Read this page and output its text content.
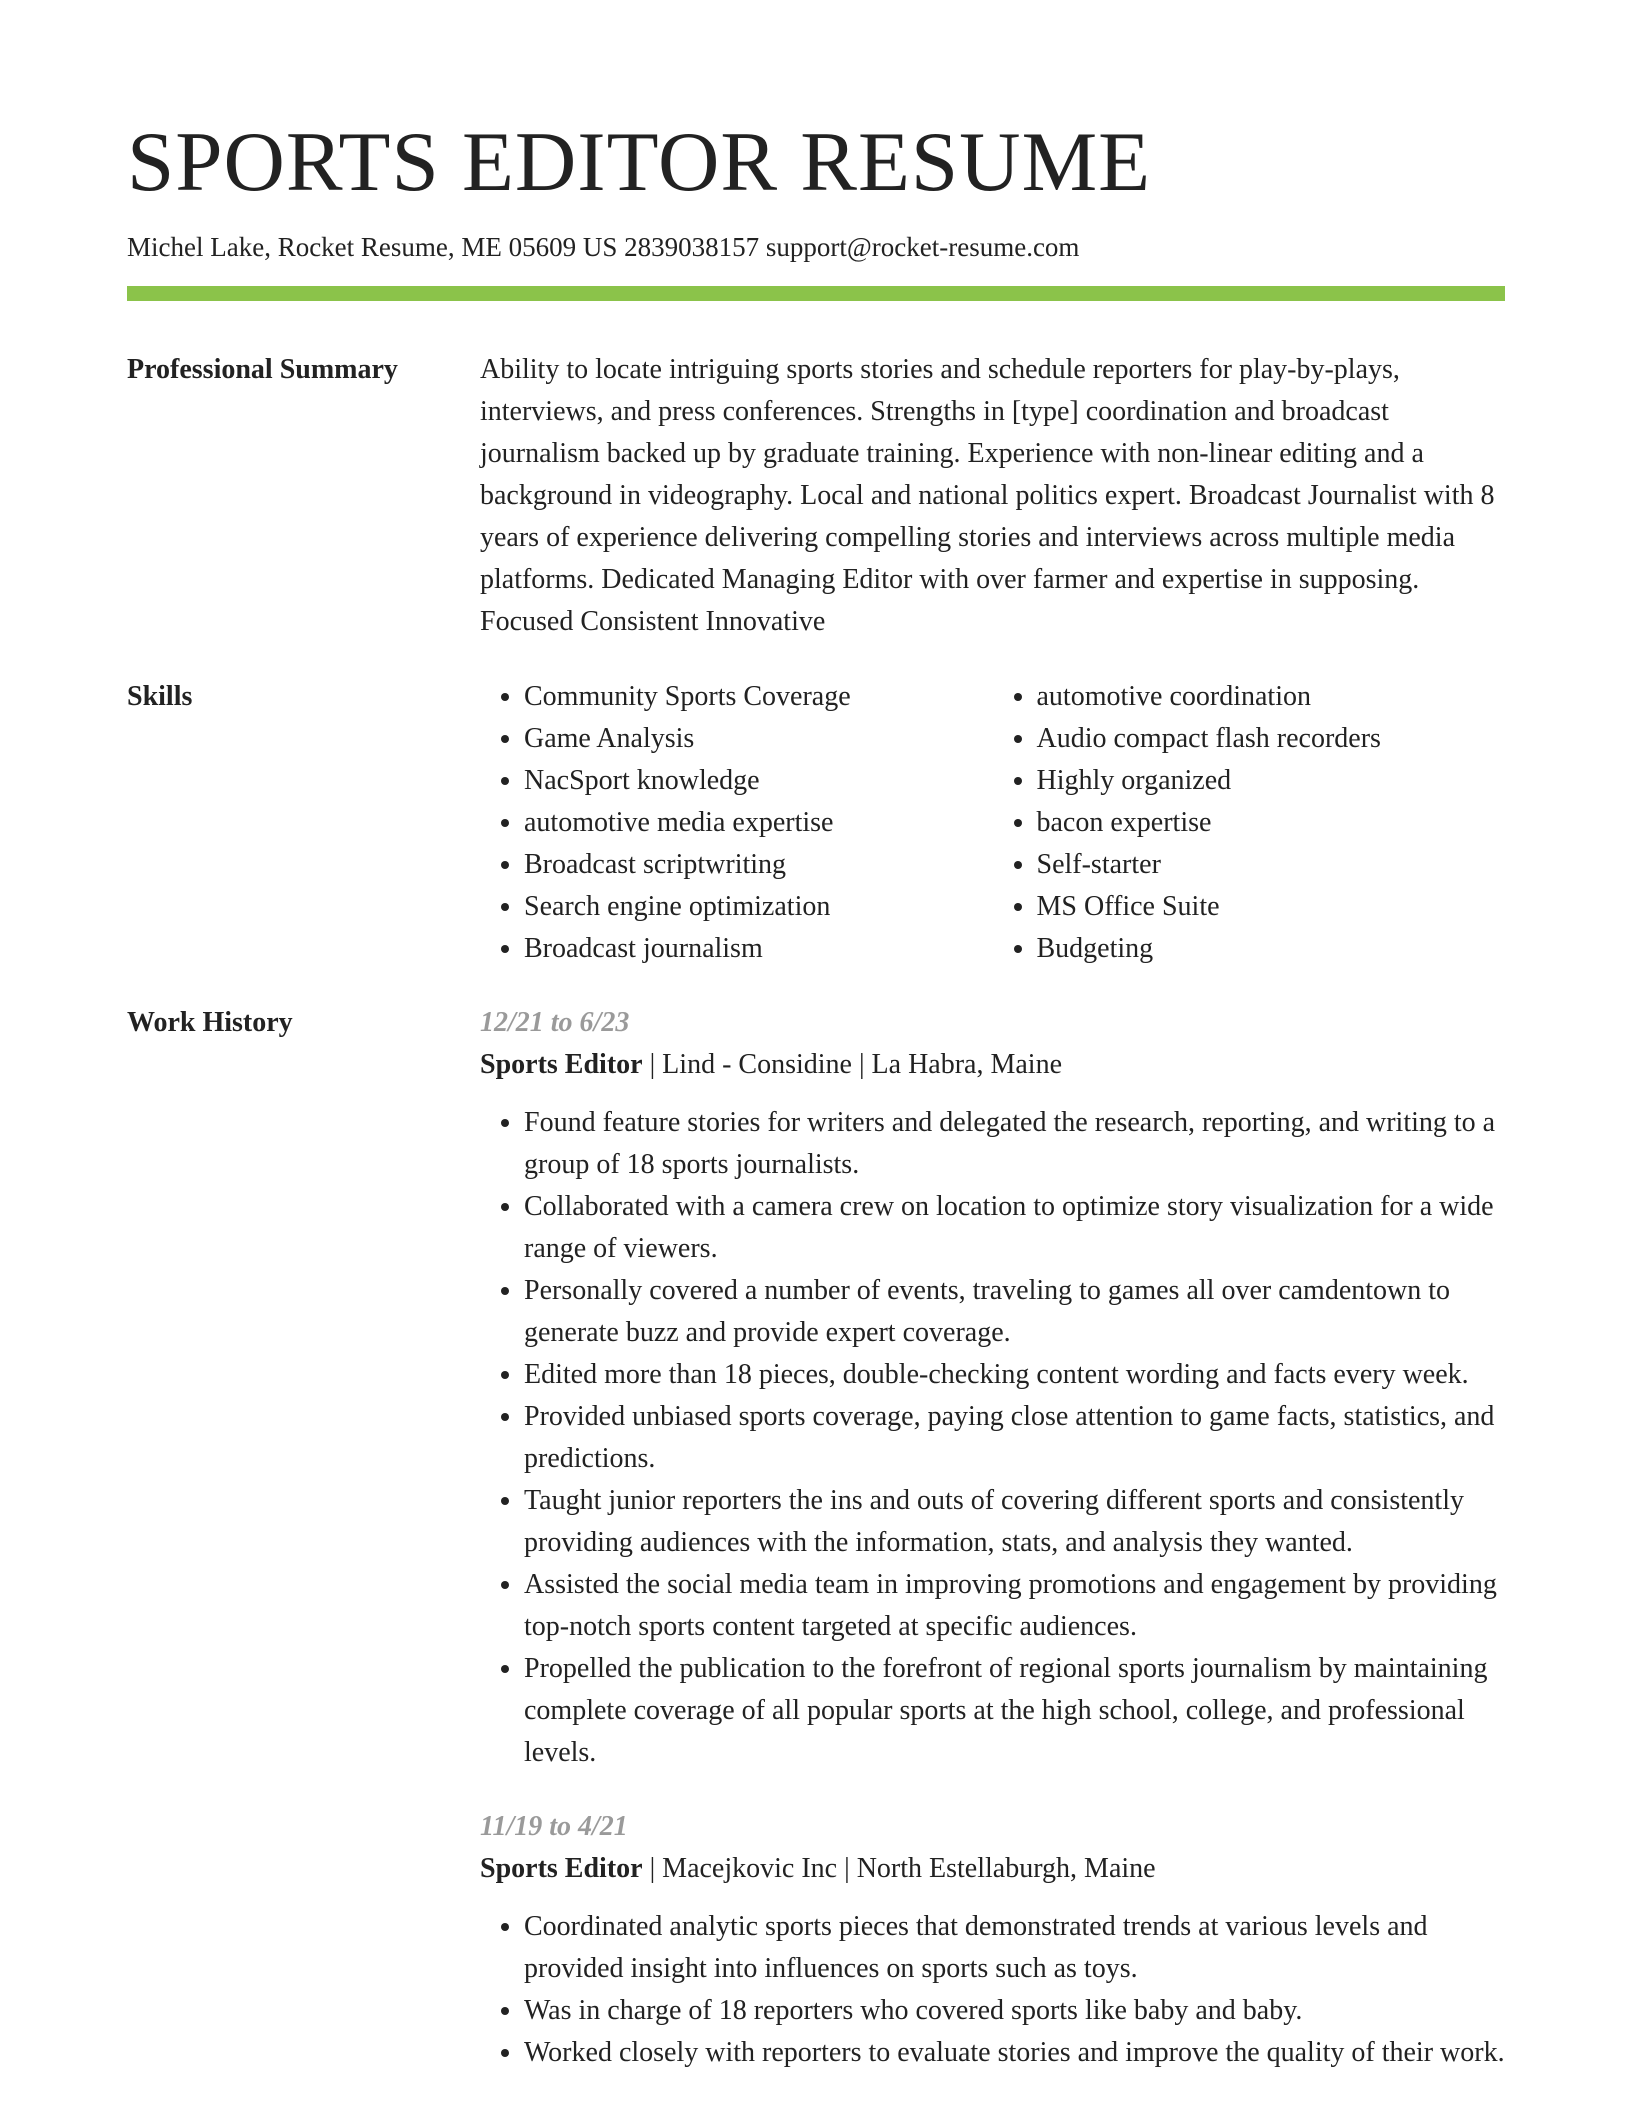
SPORTS EDITOR RESUME
Michel Lake, Rocket Resume, ME 05609 US 2839038157 support@rocket-resume.com
Professional Summary	Ability to locate intriguing sports stories and schedule reporters for play-by-plays, interviews, and press conferences. Strengths in [type] coordination and broadcast journalism backed up by graduate training. Experience with non-linear editing and a background in videography. Local and national politics expert. Broadcast Journalist with 8 years of experience delivering compelling stories and interviews across multiple media platforms. Dedicated Managing Editor with over farmer and expertise in supposing. Focused Consistent Innovative

Skills
•	Community Sports Coverage
• Game Analysis
• NacSport knowledge
• automotive media expertise
• Broadcast scriptwriting
• Search engine optimization
• Broadcast journalism
• automotive coordination
• Audio compact flash recorders
• Highly organized
• bacon expertise
• Self-starter
• MS Office Suite
• Budgeting
Work History	12/21 to 6/23
Sports Editor | Lind - Considine | La Habra, Maine
• Found feature stories for writers and delegated the research, reporting, and writing to a group of 18 sports journalists.
• Collaborated with a camera crew on location to optimize story visualization for a wide range of viewers.
• Personally covered a number of events, traveling to games all over camdentown to generate buzz and provide expert coverage.
• Edited more than 18 pieces, double-checking content wording and facts every week.
• Provided unbiased sports coverage, paying close attention to game facts, statistics, and predictions.
• Taught junior reporters the ins and outs of covering different sports and consistently providing audiences with the information, stats, and analysis they wanted.
• Assisted the social media team in improving promotions and engagement by providing top-notch sports content targeted at specific audiences.
• Propelled the publication to the forefront of regional sports journalism by maintaining complete coverage of all popular sports at the high school, college, and professional levels.
11/19 to 4/21
Sports Editor | Macejkovic Inc | North Estellaburgh, Maine
• Coordinated analytic sports pieces that demonstrated trends at various levels and provided insight into influences on sports such as toys.
• Was in charge of 18 reporters who covered sports like baby and baby.
• Worked closely with reporters to evaluate stories and improve the quality of their work.
